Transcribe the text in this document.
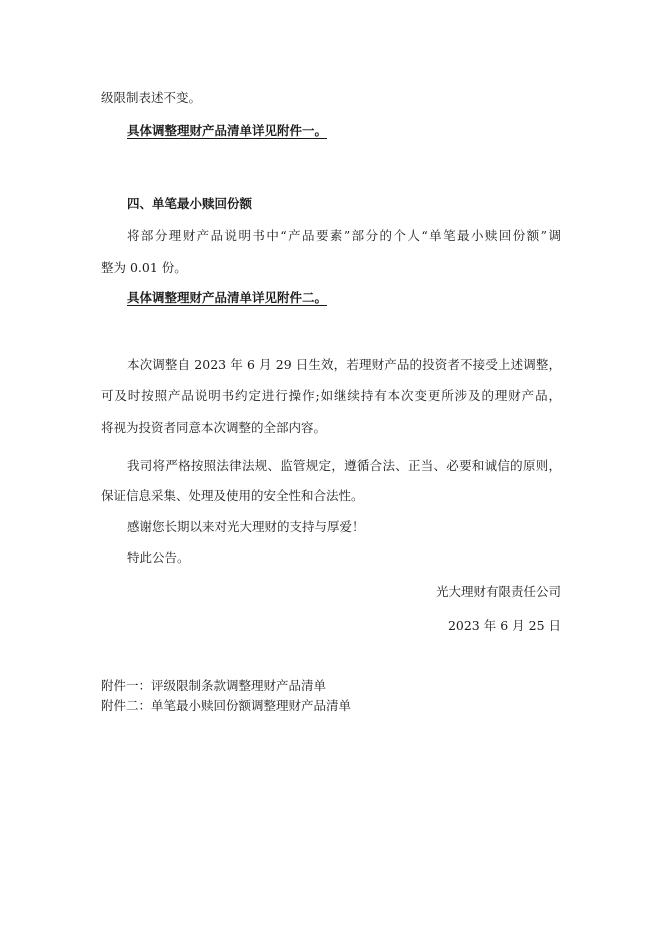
级限制表述不变。
具体调整理财产品清单详见附件一。
四、单笔最小赎回份额
将部分理财产品说明书中“产品要素”部分的个人“单笔最小赎回份额”调
整为 0.01 份。
具体调整理财产品清单详见附件二。
本次调整自 2023 年 6 月 29 日生效，若理财产品的投资者不接受上述调整，
可及时按照产品说明书约定进行操作;如继续持有本次变更所涉及的理财产品，
将视为投资者同意本次调整的全部内容。
我司将严格按照法律法规、监管规定，遵循合法、正当、必要和诚信的原则，
保证信息采集、处理及使用的安全性和合法性。
感谢您长期以来对光大理财的支持与厚爱！
特此公告。
光大理财有限责任公司
2023 年 6 月 25 日
附件一：评级限制条款调整理财产品清单
附件二：单笔最小赎回份额调整理财产品清单
